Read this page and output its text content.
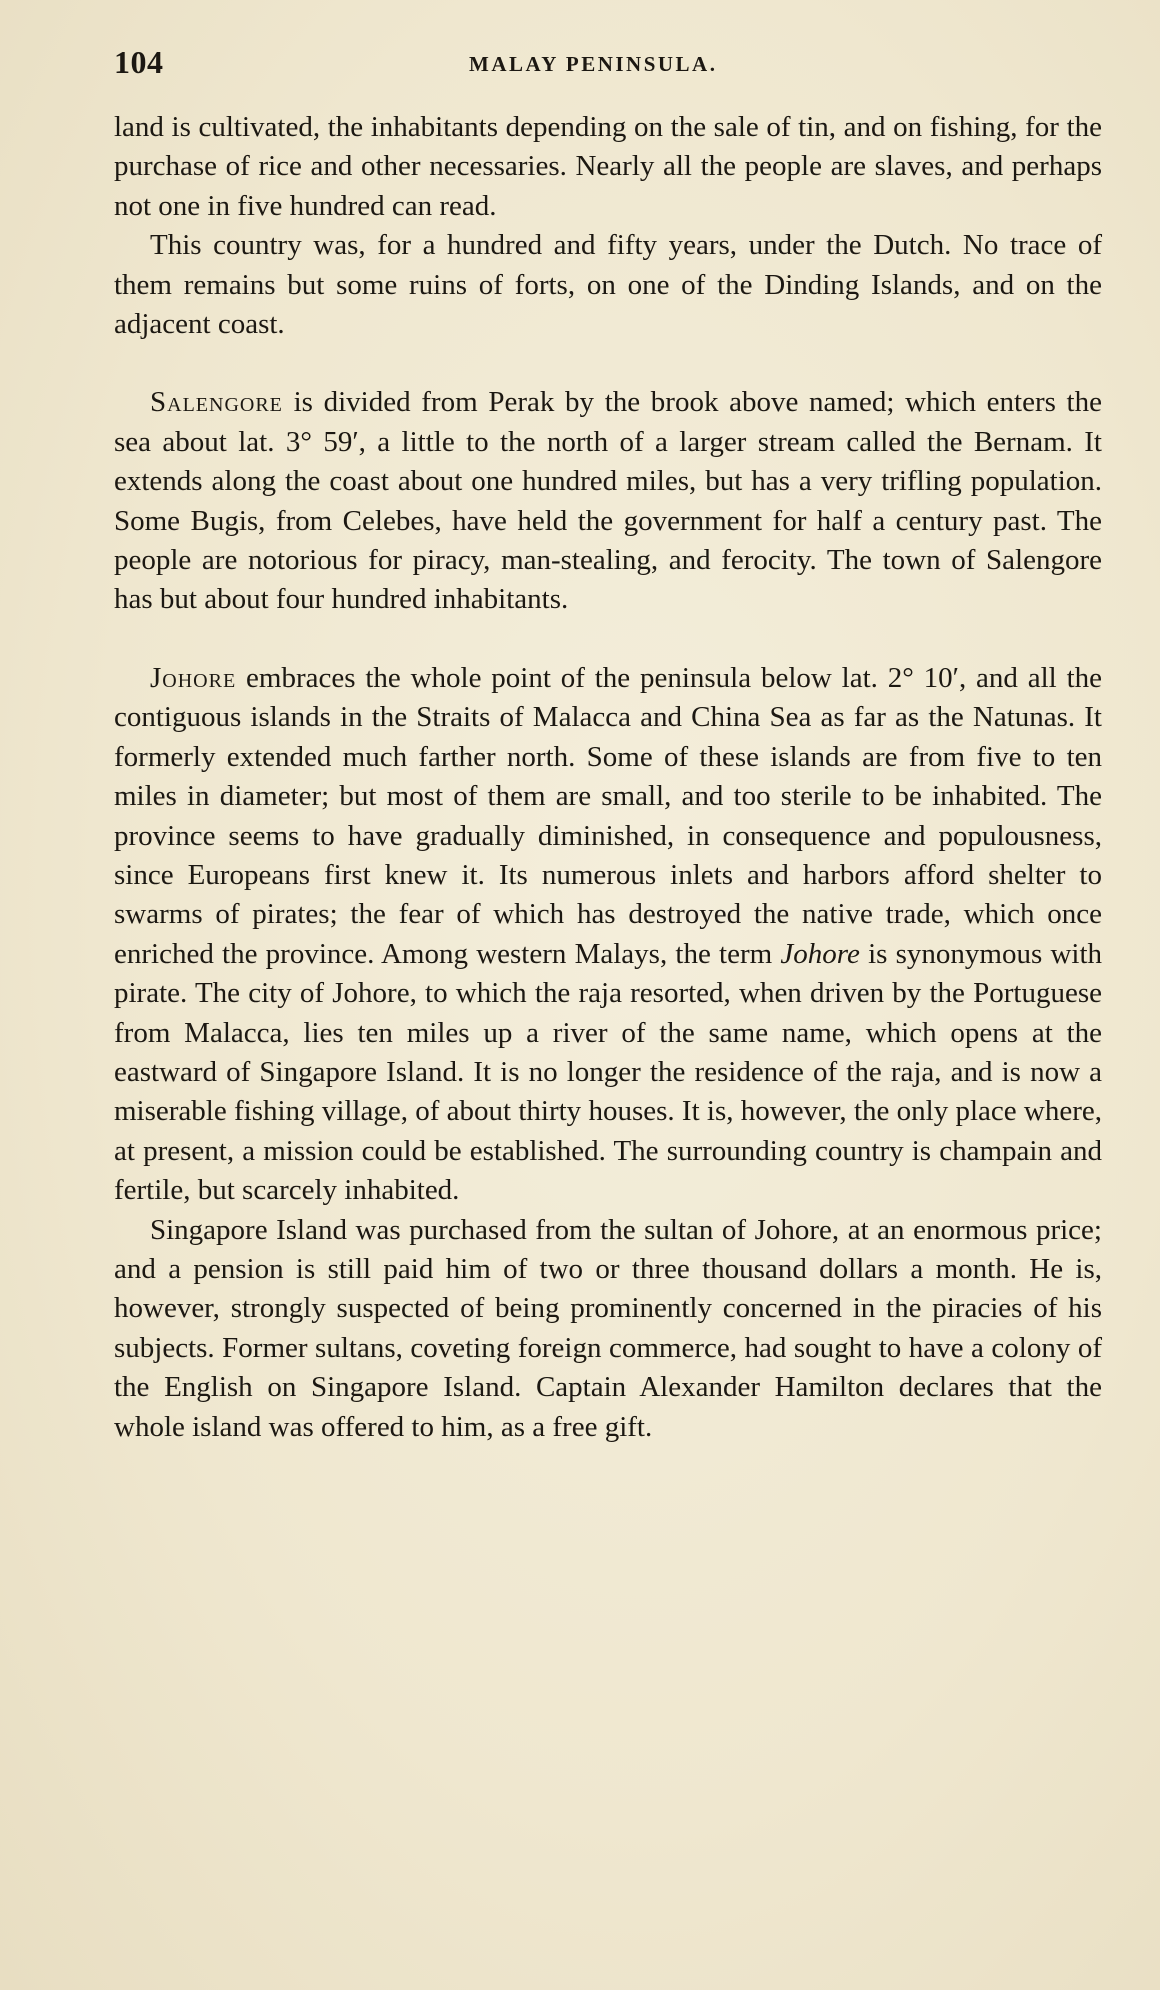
104	MALAY PENINSULA.

land is cultivated, the inhabitants depending on the sale of tin, and on fishing, for the purchase of rice and other necessaries. Nearly all the people are slaves, and perhaps not one in five hundred can read.

This country was, for a hundred and fifty years, under the Dutch. No trace of them remains but some ruins of forts, on one of the Dinding Islands, and on the adjacent coast.

Salengore is divided from Perak by the brook above named; which enters the sea about lat. 3° 59′, a little to the north of a larger stream called the Bernam. It extends along the coast about one hundred miles, but has a very trifling population. Some Bugis, from Celebes, have held the government for half a century past. The people are notorious for piracy, man-stealing, and ferocity. The town of Salengore has but about four hundred inhabitants.

Johore embraces the whole point of the peninsula below lat. 2° 10′, and all the contiguous islands in the Straits of Malacca and China Sea as far as the Natunas. It formerly extended much farther north. Some of these islands are from five to ten miles in diameter; but most of them are small, and too sterile to be inhabited. The province seems to have gradually diminished, in consequence and populousness, since Europeans first knew it. Its numerous inlets and harbors afford shelter to swarms of pirates; the fear of which has destroyed the native trade, which once enriched the province. Among western Malays, the term Johore is synonymous with pirate. The city of Johore, to which the raja resorted, when driven by the Portuguese from Malacca, lies ten miles up a river of the same name, which opens at the eastward of Singapore Island. It is no longer the residence of the raja, and is now a miserable fishing village, of about thirty houses. It is, however, the only place where, at present, a mission could be established. The surrounding country is champain and fertile, but scarcely inhabited.

Singapore Island was purchased from the sultan of Johore, at an enormous price; and a pension is still paid him of two or three thousand dollars a month. He is, however, strongly suspected of being prominently concerned in the piracies of his subjects. Former sultans, coveting foreign commerce, had sought to have a colony of the English on Singapore Island. Captain Alexander Hamilton declares that the whole island was offered to him, as a free gift.
